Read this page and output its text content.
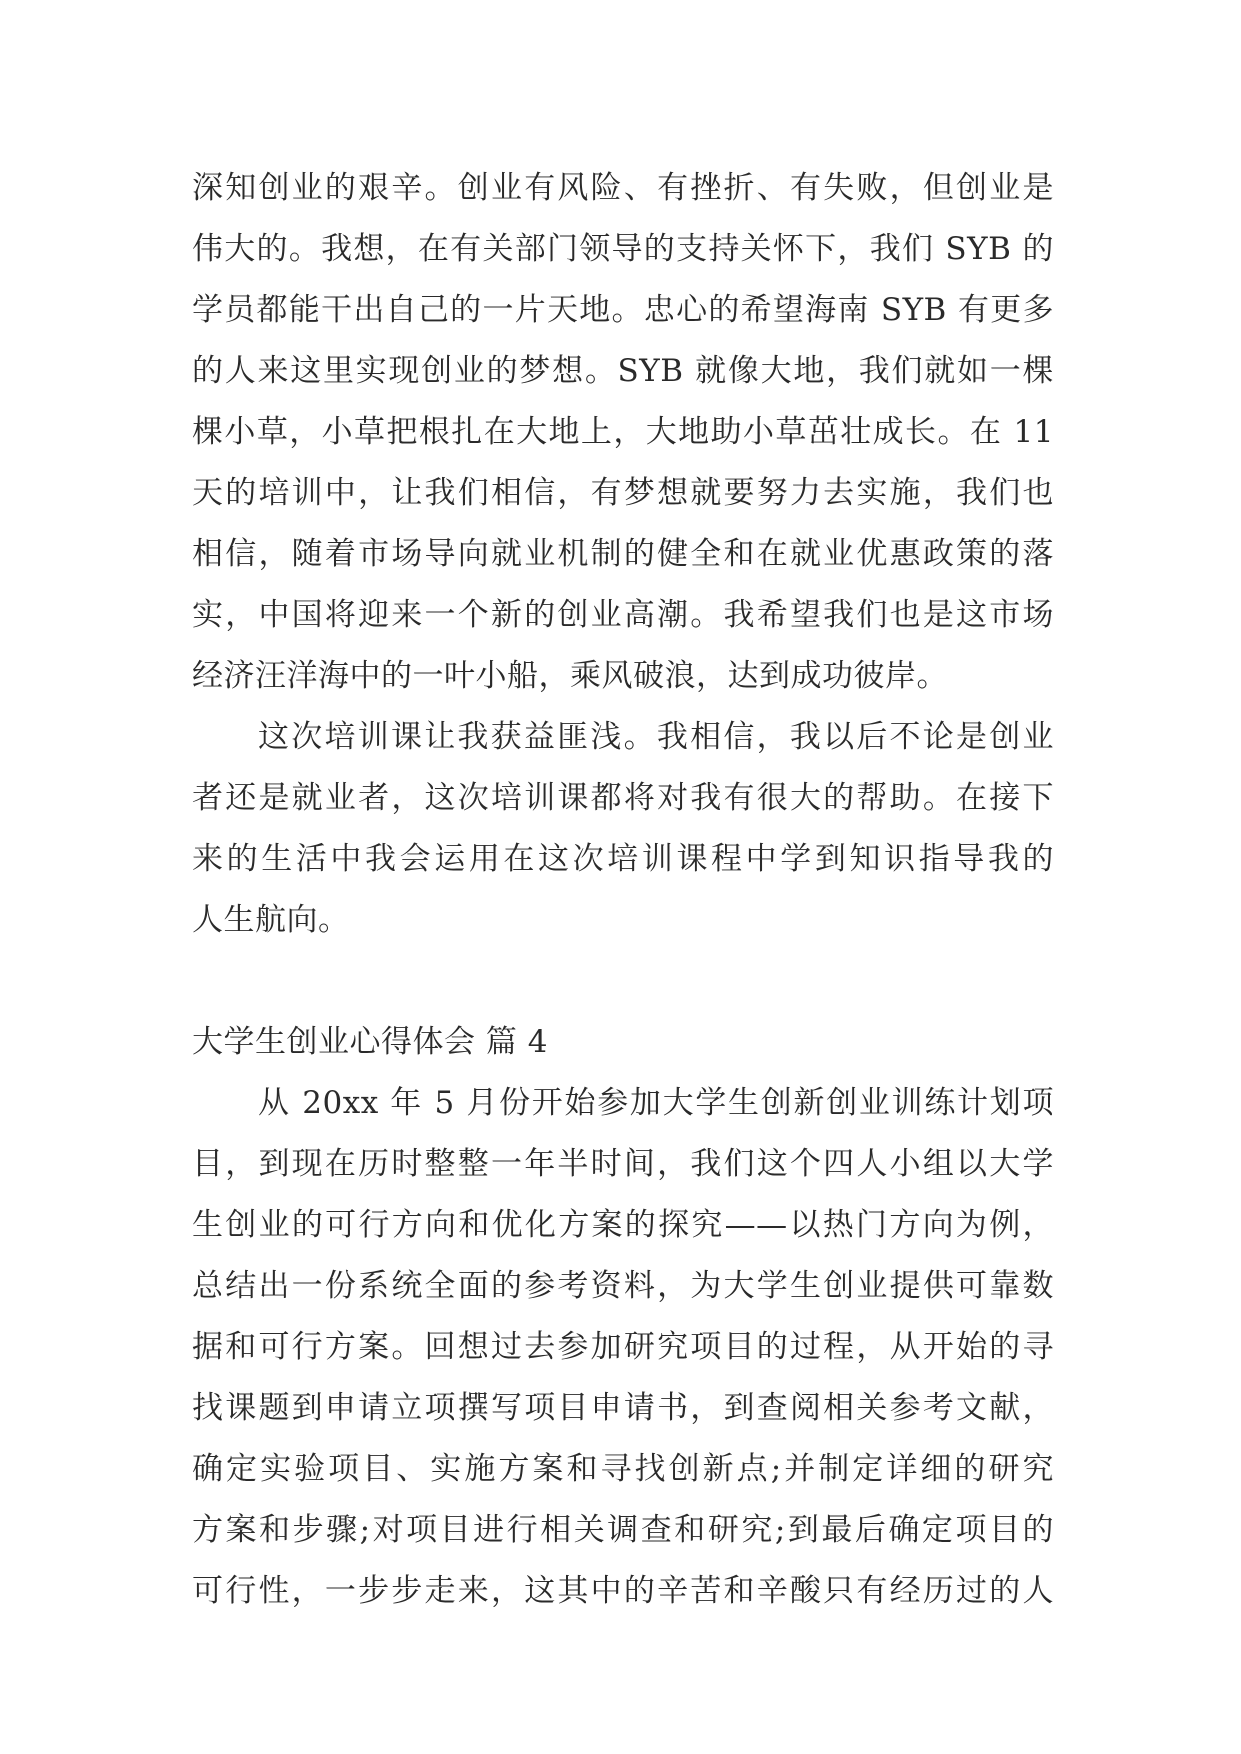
深知创业的艰辛。创业有风险、有挫折、有失败，但创业是
伟大的。我想，在有关部门领导的支持关怀下，我们 SYB 的
学员都能干出自己的一片天地。忠心的希望海南 SYB 有更多
的人来这里实现创业的梦想。SYB 就像大地，我们就如一棵
棵小草，小草把根扎在大地上，大地助小草茁壮成长。在 11
天的培训中，让我们相信，有梦想就要努力去实施，我们也
相信，随着市场导向就业机制的健全和在就业优惠政策的落
实，中国将迎来一个新的创业高潮。我希望我们也是这市场
经济汪洋海中的一叶小船，乘风破浪，达到成功彼岸。
这次培训课让我获益匪浅。我相信，我以后不论是创业
者还是就业者，这次培训课都将对我有很大的帮助。在接下
来的生活中我会运用在这次培训课程中学到知识指导我的
人生航向。
大学生创业心得体会 篇 4
从 20xx 年 5 月份开始参加大学生创新创业训练计划项
目，到现在历时整整一年半时间，我们这个四人小组以大学
生创业的可行方向和优化方案的探究——以热门方向为例，
总结出一份系统全面的参考资料，为大学生创业提供可靠数
据和可行方案。回想过去参加研究项目的过程，从开始的寻
找课题到申请立项撰写项目申请书，到查阅相关参考文献，
确定实验项目、实施方案和寻找创新点;并制定详细的研究
方案和步骤;对项目进行相关调查和研究;到最后确定项目的
可行性，一步步走来，这其中的辛苦和辛酸只有经历过的人
